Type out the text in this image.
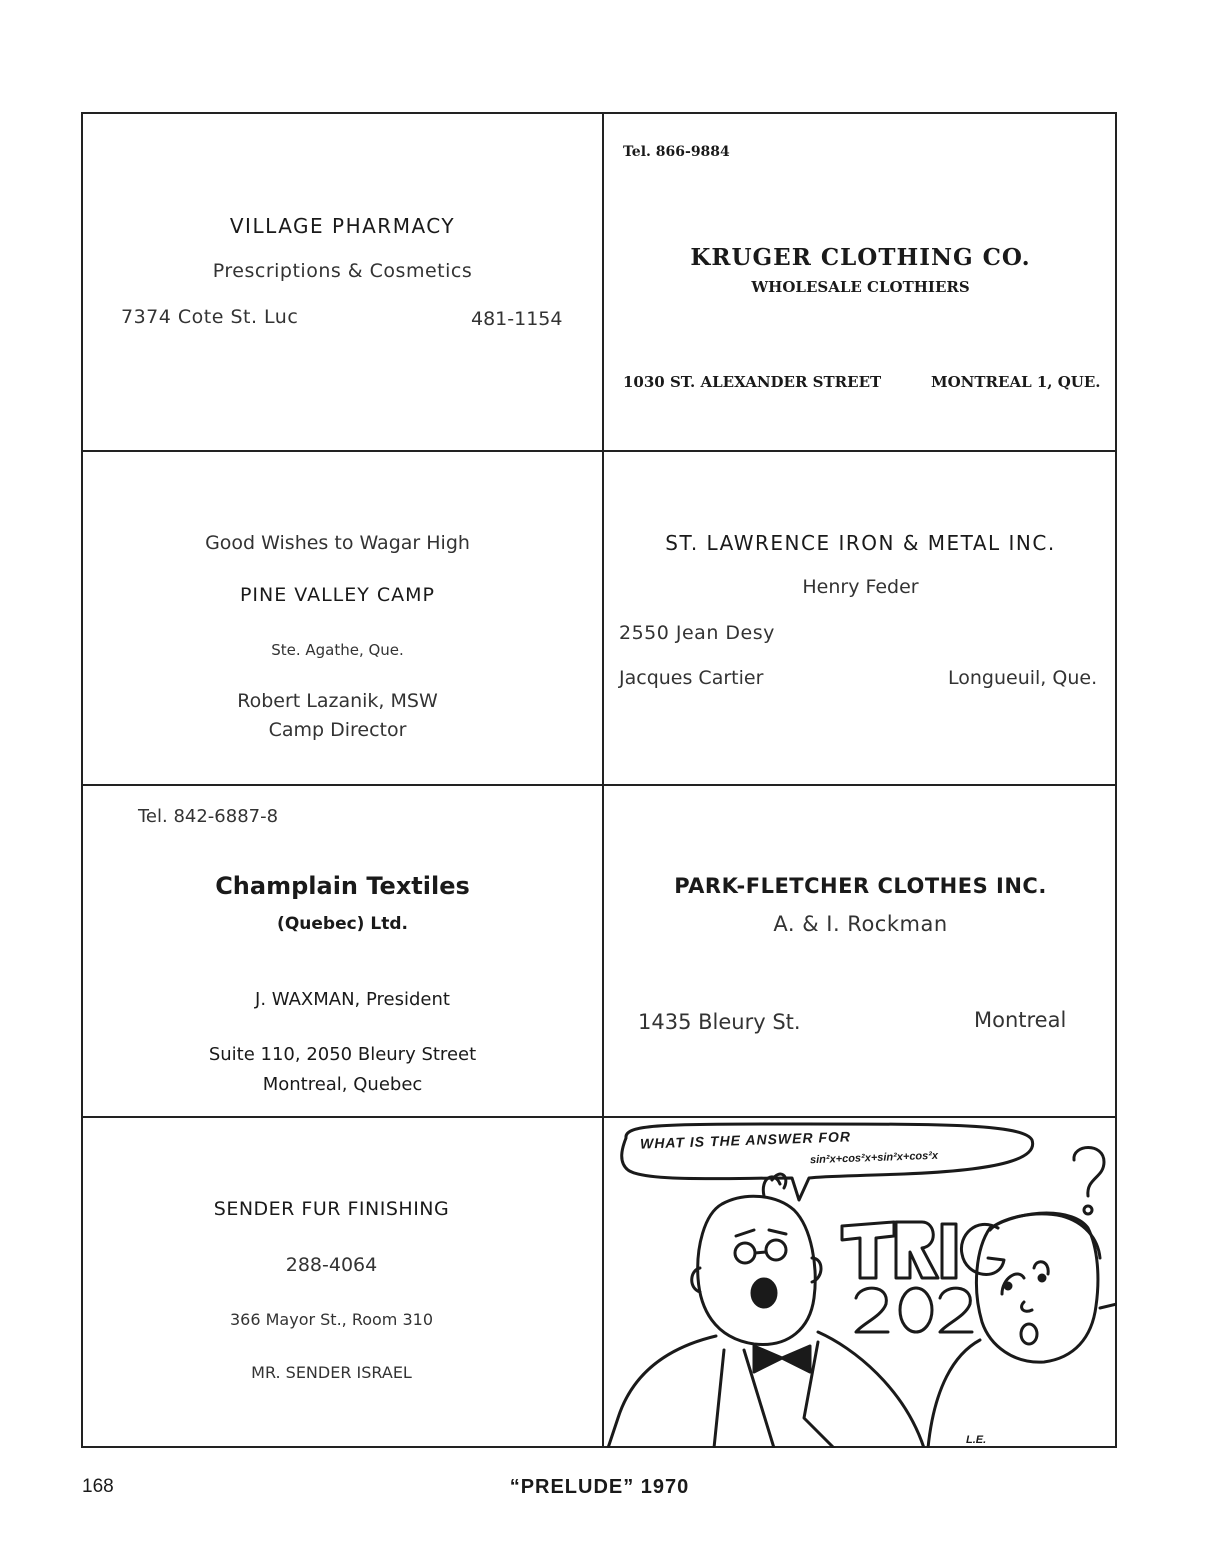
VILLAGE PHARMACY
Prescriptions & Cosmetics
7374 Cote St. Luc	481-1154
Tel. 866-9884
KRUGER CLOTHING CO.
WHOLESALE CLOTHIERS
1030 ST. ALEXANDER STREET	MONTREAL 1, QUE.
Good Wishes to Wagar High
PINE VALLEY CAMP
Ste. Agathe, Que.
Robert Lazanik, MSW
Camp Director
ST. LAWRENCE IRON & METAL INC.
Henry Feder
2550 Jean Desy
Jacques Cartier	Longueuil, Que.
Tel. 842-6887-8
Champlain Textiles
(Quebec) Ltd.
J. WAXMAN, President
Suite 110, 2050 Bleury Street
Montreal, Quebec
PARK-FLETCHER CLOTHES INC.
A. & I. Rockman
1435 Bleury St.	Montreal
SENDER FUR FINISHING
288-4064
366 Mayor St., Room 310
MR. SENDER ISRAEL
WHAT IS THE ANSWER FOR
sin²x+cos²x+sin²x+cos²x
L.E.
168	“PRELUDE” 1970
